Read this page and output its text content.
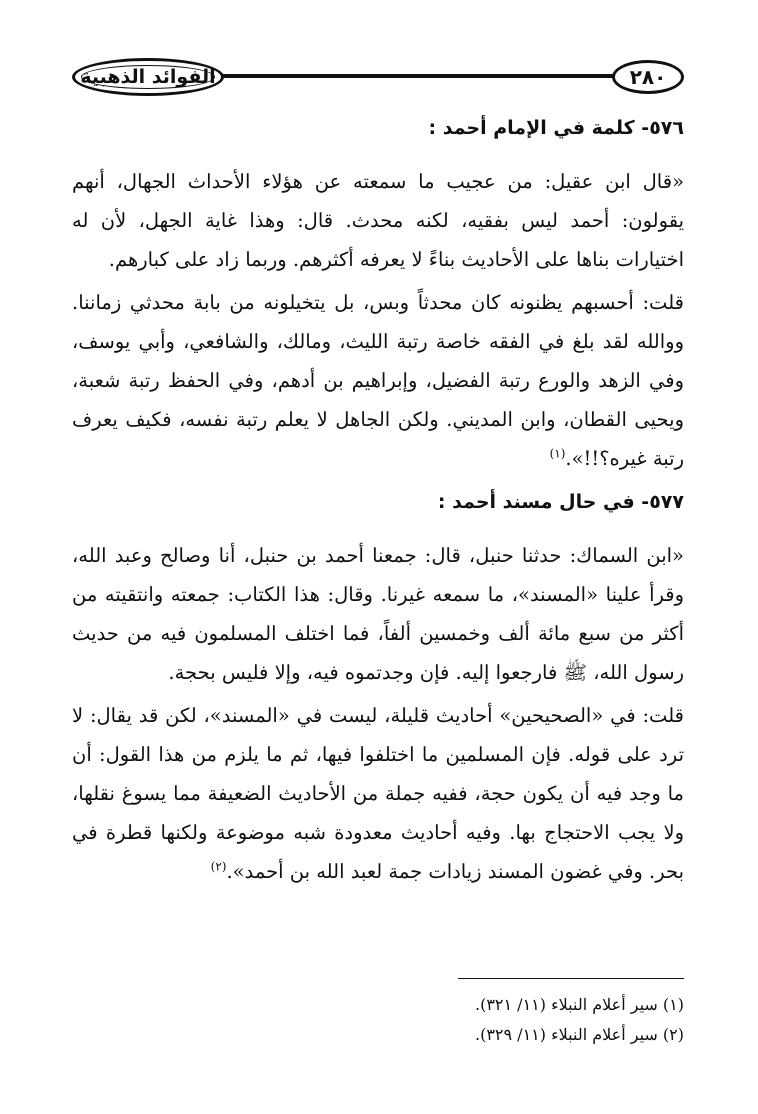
٢٨٠
الفوائد الذهبية
٥٧٦- كلمة في الإمام أحمد :

«قال ابن عقيل: من عجيب ما سمعته عن هؤلاء الأحداث الجهال، أنهم يقولون: أحمد ليس بفقيه، لكنه محدث. قال: وهذا غاية الجهل، لأن له اختيارات بناها على الأحاديث بناءً لا يعرفه أكثرهم. وربما زاد على كبارهم.

قلت: أحسبهم يظنونه كان محدثاً وبس، بل يتخيلونه من بابة محدثي زماننا. ووالله لقد بلغ في الفقه خاصة رتبة الليث، ومالك، والشافعي، وأبي يوسف، وفي الزهد والورع رتبة الفضيل، وإبراهيم بن أدهم، وفي الحفظ رتبة شعبة، ويحيى القطان، وابن المديني. ولكن الجاهل لا يعلم رتبة نفسه، فكيف يعرف رتبة غيره؟!!».$^{(١)}$

٥٧٧- في حال مسند أحمد :

«ابن السماك: حدثنا حنبل، قال: جمعنا أحمد بن حنبل، أنا وصالح وعبد الله، وقرأ علينا «المسند»، ما سمعه غيرنا. وقال: هذا الكتاب: جمعته وانتقيته من أكثر من سبع مائة ألف وخمسين ألفاً، فما اختلف المسلمون فيه من حديث رسول الله، ﷺ فارجعوا إليه. فإن وجدتموه فيه، وإلا فليس بحجة.

قلت: في «الصحيحين» أحاديث قليلة، ليست في «المسند»، لكن قد يقال: لا ترد على قوله. فإن المسلمين ما اختلفوا فيها، ثم ما يلزم من هذا القول: أن ما وجد فيه أن يكون حجة، ففيه جملة من الأحاديث الضعيفة مما يسوغ نقلها، ولا يجب الاحتجاج بها. وفيه أحاديث معدودة شبه موضوعة ولكنها قطرة في بحر. وفي غضون المسند زيادات جمة لعبد الله بن أحمد».$^{(٢)}$

(١) سير أعلام النبلاء (١١/ ٣٢١).

(٢) سير أعلام النبلاء (١١/ ٣٢٩).
